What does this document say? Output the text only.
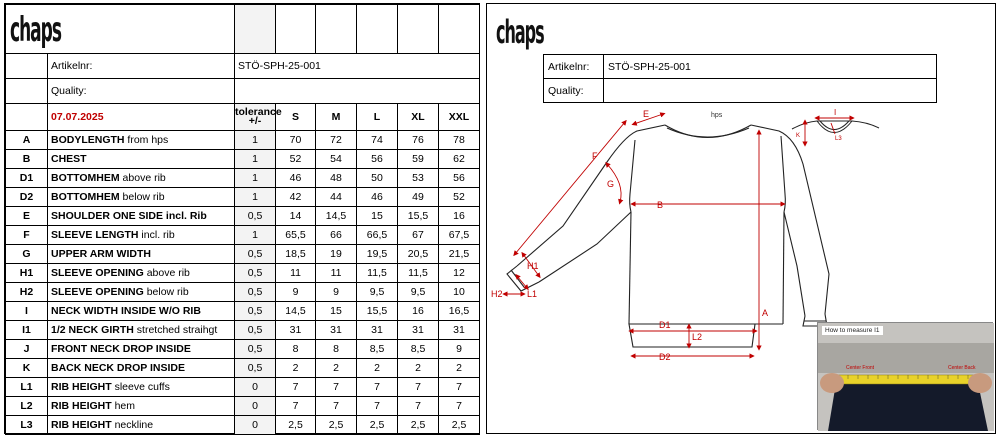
chaps							
	Artikelnr:	STÖ-SPH-25-001					
	Quality:						
	07.07.2025	tolerance +/-	S	M	L	XL	XXL
A	BODYLENGTH from hps	1	70	72	74	76	78
B	CHEST	1	52	54	56	59	62
D1	BOTTOMHEM above rib	1	46	48	50	53	56
D2	BOTTOMHEM below rib	1	42	44	46	49	52
E	SHOULDER ONE SIDE incl. Rib	0,5	14	14,5	15	15,5	16
F	SLEEVE LENGTH incl. rib	1	65,5	66	66,5	67	67,5
G	UPPER ARM WIDTH	0,5	18,5	19	19,5	20,5	21,5
H1	SLEEVE OPENING above rib	0,5	11	11	11,5	11,5	12
H2	SLEEVE OPENING below rib	0,5	9	9	9,5	9,5	10
I	NECK WIDTH INSIDE W/O RIB	0,5	14,5	15	15,5	16	16,5
I1	1/2 NECK GIRTH stretched straihgt	0,5	31	31	31	31	31
J	FRONT NECK DROP INSIDE	0,5	8	8	8,5	8,5	9
K	BACK NECK DROP INSIDE	0,5	2	2	2	2	2
L1	RIB HEIGHT sleeve cuffs	0	7	7	7	7	7
L2	RIB HEIGHT hem	0	7	7	7	7	7
L3	RIB HEIGHT neckline	0	2,5	2,5	2,5	2,5	2,5
chaps
Artikelnr:	STÖ-SPH-25-001
Quality:	
hps
E
F
G
B
A
D1
D2
L2
H1
H2	L1
I
K	L3
Center Front	Center Back
How to measure I1
